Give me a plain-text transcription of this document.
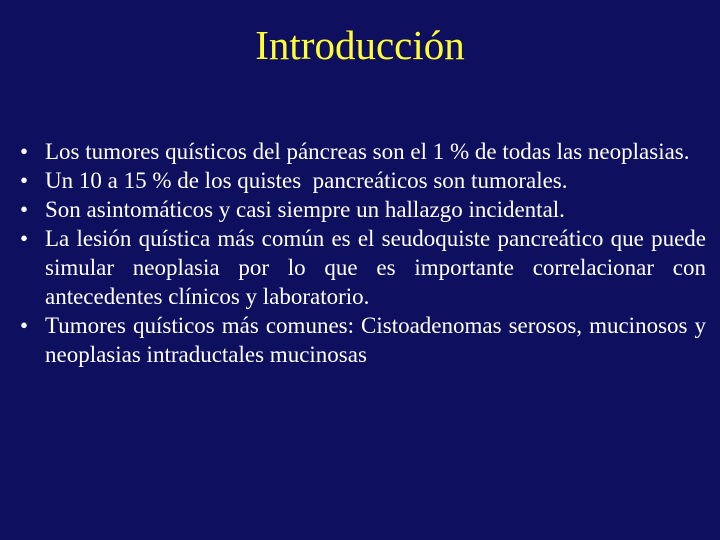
Introducción
• Los tumores quísticos del páncreas son el 1 % de todas las neoplasias.
• Un 10 a 15 % de los quistes  pancreáticos son tumorales.
• Son asintomáticos y casi siempre un hallazgo incidental.
• La lesión quística más común es el seudoquiste pancreático que puede simular neoplasia por lo que es importante correlacionar con antecedentes clínicos y laboratorio.
• Tumores quísticos más comunes: Cistoadenomas serosos, mucinosos y neoplasias intraductales mucinosas
